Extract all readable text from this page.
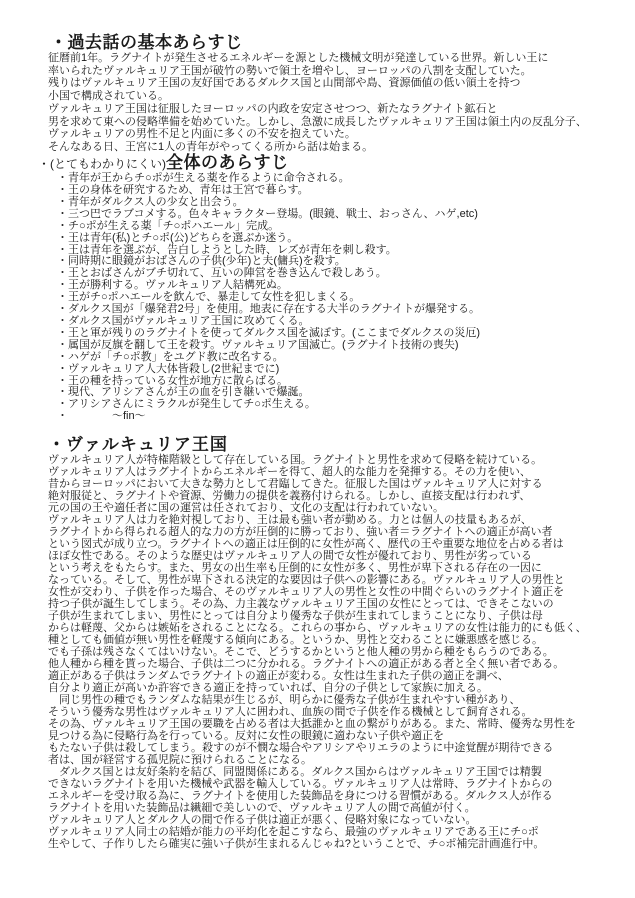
・過去話の基本あらすじ
征暦前1年。ラグナイトが発生させるエネルギーを源とした機械文明が発達している世界。新しい王に
率いられたヴァルキュリア王国が破竹の勢いで領土を増やし、ヨーロッパの八割を支配していた。
残りはヴァルキュリア王国の友好国であるダルクス国と山間部や島、資源価値の低い領土を持つ
小国で構成されている。
ヴァルキュリア王国は征服したヨーロッパの内政を安定させつつ、新たなラグナイト鉱石と
男を求めて東への侵略準備を始めていた。しかし、急激に成長したヴァルキュリア王国は領土内の反乱分子、
ヴァルキュリアの男性不足と内面に多くの不安を抱えていた。
そんなある日、王宮に1人の青年がやってくる所から話は始まる。
・(とてもわかりにくい)全体のあらすじ
・青年が王からチ○ポが生える薬を作るように命令される。
・王の身体を研究するため、青年は王宮で暮らす。
・青年がダルクス人の少女と出会う。
・三つ巴でラブコメする。色々キャラクター登場。(眼鏡、戦士、おっさん、ハゲ,etc)
・チ○ポが生える薬「チ○ポハエール」完成。
・王は青年(私)とチ○ポ(公)どちらを選ぶか迷う。
・王は青年を選ぶが、告白しようとした時、レズが青年を刺し殺す。
・同時期に眼鏡がおばさんの子供(少年)と夫(傭兵)を殺す。
・王とおばさんがブチ切れて、互いの陣営を巻き込んで殺しあう。
・王が勝利する。ヴァルキュリア人結構死ぬ。
・王がチ○ポハエールを飲んで、暴走して女性を犯しまくる。
・ダルクス国が「爆発君2号」を使用。地表に存在する大半のラグナイトが爆発する。
・ダルクス国がヴァルキュリア王国に攻めてくる。
・王と軍が残りのラグナイトを使ってダルクス国を滅ぼす。(ここまでダルクスの災厄)
・属国が反旗を翻して王を殺す。ヴァルキュリア国滅亡。(ラグナイト技術の喪失)
・ハゲが「チ○ポ教」をユグド教に改名する。
・ヴァルキュリア人大体皆殺し(2世紀までに)
・王の種を持っている女性が地方に散らばる。
・現代、アリシアさんが王の血を引き継いで爆誕。
・アリシアさんにミラクルが発生してチ○ポ生える。
・　　　　～fin～
・ヴァルキュリア王国
ヴァルキュリア人が特権階級として存在している国。ラグナイトと男性を求めて侵略を続けている。
ヴァルキュリア人はラグナイトからエネルギーを得て、超人的な能力を発揮する。その力を使い、
昔からヨーロッパにおいて大きな勢力として君臨してきた。征服した国はヴァルキュリア人に対する
絶対服従と、ラグナイトや資源、労働力の提供を義務付けられる。しかし、直接支配は行われず、
元の国の王や適任者に国の運営は任されており、文化の支配は行われていない。
ヴァルキュリア人は力を絶対視しており、王は最も強い者が勤める。力とは個人の技量もあるが、
ラグナイトから得られる超人的な力の方が圧倒的に勝っており、強い者＝ラグナイトへの適正が高い者
という図式が成り立つ。ラグナイトへの適正は圧倒的に女性が高く、歴代の王や重要な地位を占める者は
ほぼ女性である。そのような歴史はヴァルキュリア人の間で女性が優れており、男性が劣っている
という考えをもたらす。また、男女の出生率も圧倒的に女性が多く、男性が卑下される存在の一因に
なっている。そして、男性が卑下される決定的な要因は子供への影響にある。ヴァルキュリア人の男性と
女性が交わり、子供を作った場合、そのヴァルキュリア人の男性と女性の中間ぐらいのラグナイト適正を
持つ子供が誕生してしまう。その為、力主義なヴァルキュリア王国の女性にとっては、できそこないの
子供が生まれてしまい、男性にとっては自分より優秀な子供が生まれてしまうことになり、子供は母
からは軽蔑、父からは嫉妬をされることになる。これらの事から、ヴァルキュリアの女性は能力的にも低く、
種としても価値が無い男性を軽蔑する傾向にある。というか、男性と交わることに嫌悪感を感じる。
でも子孫は残さなくてはいけない。そこで、どうするかというと他人種の男から種をもらうのである。
他人種から種を貰った場合、子供は二つに分かれる。ラグナイトへの適正がある者と全く無い者である。
適正がある子供はランダムでラグナイトの適正が変わる。女性は生まれた子供の適正を調べ、
自分より適正が高いか許容できる適正を持っていれば、自分の子供として家族に加える。
　同じ男性の種でもランダムな結果が生じるが、明らかに優秀な子供が生まれやすい種があり、
そういう優秀な男性はヴァルキュリア人に囲われ、血族の間で子供を作る機械として飼育される。
その為、ヴァルキュリア王国の要職を占める者は大抵誰かと血の繋がりがある。また、常時、優秀な男性を
見つける為に侵略行為を行っている。反対に女性の眼鏡に適わない子供や適正を
もたない子供は殺してしまう。殺すのが不憫な場合やアリシアやリエラのように中途覚醒が期待できる
者は、国が経営する孤児院に預けられることになる。
　ダルクス国とは友好条約を結び、同盟関係にある。ダルクス国からはヴァルキュリア王国では精製
できないラグナイトを用いた機械や武器を輸入している。ヴァルキュリア人は常時、ラグナイトからの
エネルギーを受け取る為に、ラグナイトを使用した装飾品を身につける習慣がある。ダルクス人が作る
ラグナイトを用いた装飾品は繊細で美しいので、ヴァルキュリア人の間で高値が付く。
ヴァルキュリア人とダルク人の間で作る子供は適正が悪く、侵略対象になっていない。
ヴァルキュリア人同士の結婚が能力の平均化を起こすなら、最強のヴァルキュリアである王にチ○ポ
生やして、子作りしたら確実に強い子供が生まれるんじゃね?ということで、チ○ポ補完計画進行中。
